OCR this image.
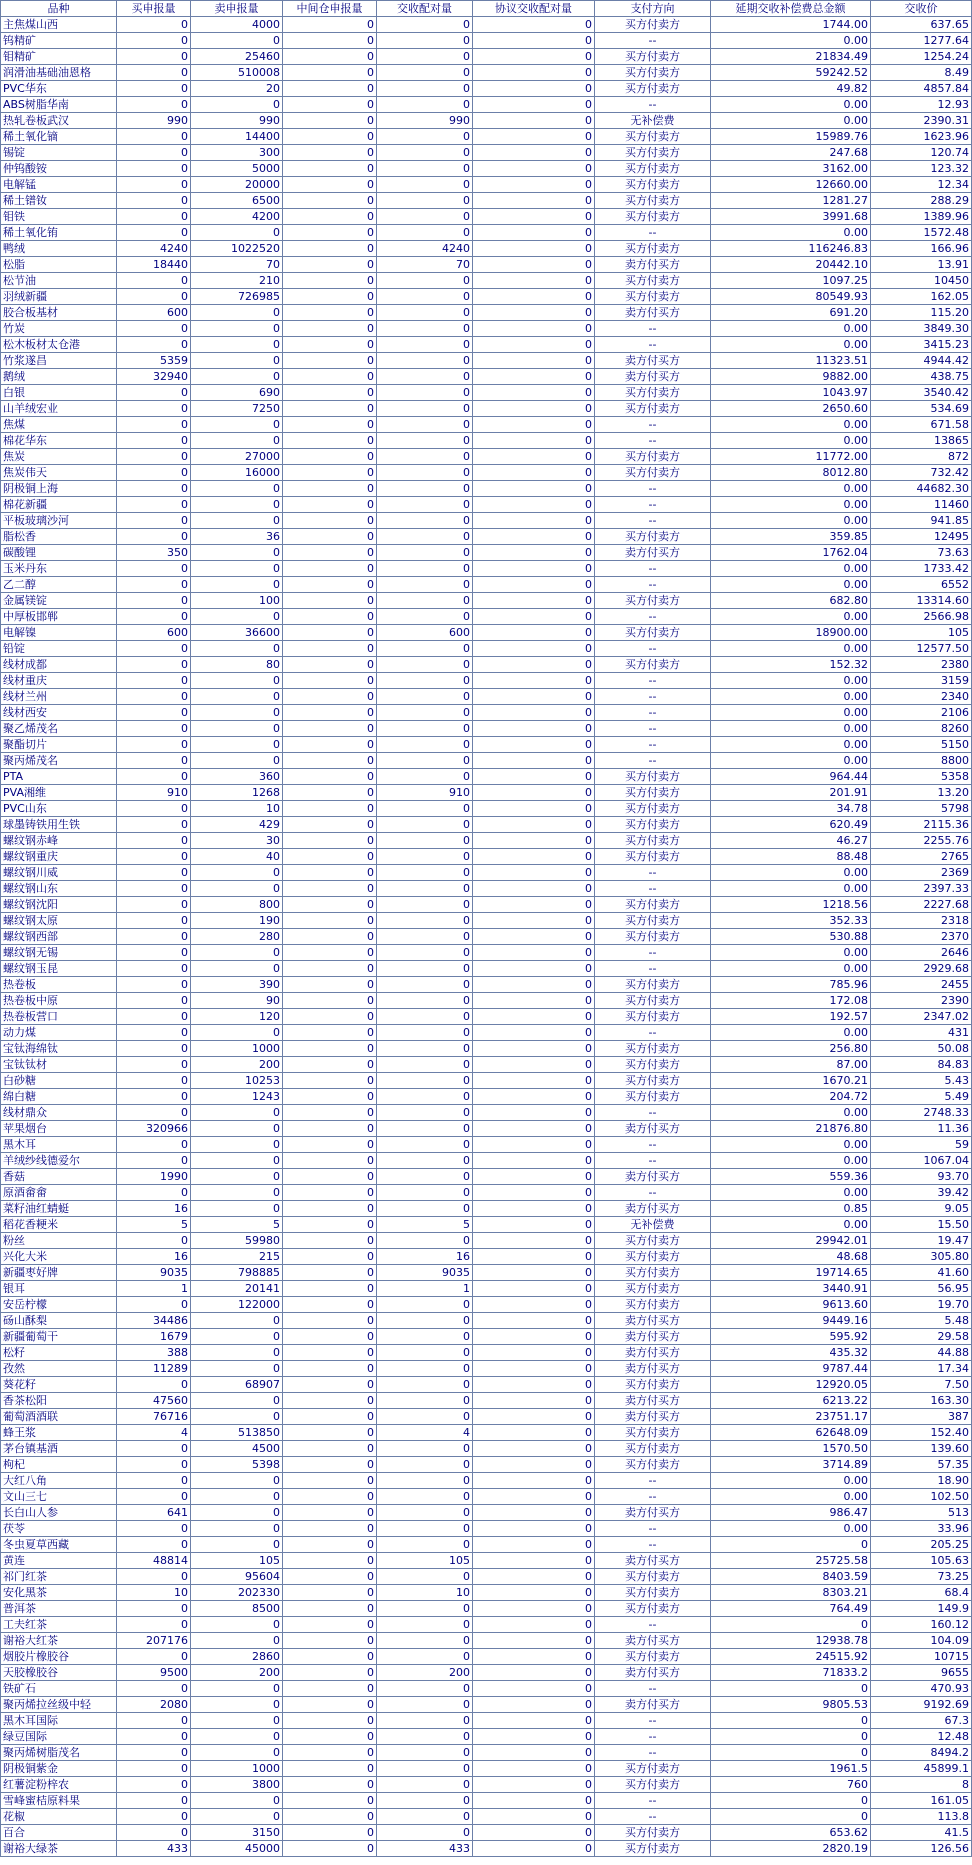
品种	买申报量	卖申报量	中间仓申报量	交收配对量	协议交收配对量	支付方向	延期交收补偿费总金额	交收价
主焦煤山西	0	4000	0	0	0	买方付卖方	1744.00	637.65
钨精矿	0	0	0	0	0	--	0.00	1277.64
钼精矿	0	25460	0	0	0	买方付卖方	21834.49	1254.24
润滑油基础油恩格	0	510008	0	0	0	买方付卖方	59242.52	8.49
PVC华东	0	20	0	0	0	买方付卖方	49.82	4857.84
ABS树脂华南	0	0	0	0	0	--	0.00	12.93
热轧卷板武汉	990	990	0	990	0	无补偿费	0.00	2390.31
稀土氧化镝	0	14400	0	0	0	买方付卖方	15989.76	1623.96
锡锭	0	300	0	0	0	买方付卖方	247.68	120.74
仲钨酸铵	0	5000	0	0	0	买方付卖方	3162.00	123.32
电解锰	0	20000	0	0	0	买方付卖方	12660.00	12.34
稀土镨钕	0	6500	0	0	0	买方付卖方	1281.27	288.29
钼铁	0	4200	0	0	0	买方付卖方	3991.68	1389.96
稀土氧化铕	0	0	0	0	0	--	0.00	1572.48
鸭绒	4240	1022520	0	4240	0	买方付卖方	116246.83	166.96
松脂	18440	70	0	70	0	卖方付买方	20442.10	13.91
松节油	0	210	0	0	0	买方付卖方	1097.25	10450
羽绒新疆	0	726985	0	0	0	买方付卖方	80549.93	162.05
胶合板基材	600	0	0	0	0	卖方付买方	691.20	115.20
竹炭	0	0	0	0	0	--	0.00	3849.30
松木板材太仓港	0	0	0	0	0	--	0.00	3415.23
竹浆遂昌	5359	0	0	0	0	卖方付买方	11323.51	4944.42
鹅绒	32940	0	0	0	0	卖方付买方	9882.00	438.75
白银	0	690	0	0	0	买方付卖方	1043.97	3540.42
山羊绒宏业	0	7250	0	0	0	买方付卖方	2650.60	534.69
焦煤	0	0	0	0	0	--	0.00	671.58
棉花华东	0	0	0	0	0	--	0.00	13865
焦炭	0	27000	0	0	0	买方付卖方	11772.00	872
焦炭伟天	0	16000	0	0	0	买方付卖方	8012.80	732.42
阴极铜上海	0	0	0	0	0	--	0.00	44682.30
棉花新疆	0	0	0	0	0	--	0.00	11460
平板玻璃沙河	0	0	0	0	0	--	0.00	941.85
脂松香	0	36	0	0	0	买方付卖方	359.85	12495
碳酸锂	350	0	0	0	0	卖方付买方	1762.04	73.63
玉米丹东	0	0	0	0	0	--	0.00	1733.42
乙二醇	0	0	0	0	0	--	0.00	6552
金属镁锭	0	100	0	0	0	买方付卖方	682.80	13314.60
中厚板邯郸	0	0	0	0	0	--	0.00	2566.98
电解镍	600	36600	0	600	0	买方付卖方	18900.00	105
铅锭	0	0	0	0	0	--	0.00	12577.50
线材成都	0	80	0	0	0	买方付卖方	152.32	2380
线材重庆	0	0	0	0	0	--	0.00	3159
线材兰州	0	0	0	0	0	--	0.00	2340
线材西安	0	0	0	0	0	--	0.00	2106
聚乙烯茂名	0	0	0	0	0	--	0.00	8260
聚酯切片	0	0	0	0	0	--	0.00	5150
聚丙烯茂名	0	0	0	0	0	--	0.00	8800
PTA	0	360	0	0	0	买方付卖方	964.44	5358
PVA湘维	910	1268	0	910	0	买方付卖方	201.91	13.20
PVC山东	0	10	0	0	0	买方付卖方	34.78	5798
球墨铸铁用生铁	0	429	0	0	0	买方付卖方	620.49	2115.36
螺纹钢赤峰	0	30	0	0	0	买方付卖方	46.27	2255.76
螺纹钢重庆	0	40	0	0	0	买方付卖方	88.48	2765
螺纹钢川威	0	0	0	0	0	--	0.00	2369
螺纹钢山东	0	0	0	0	0	--	0.00	2397.33
螺纹钢沈阳	0	800	0	0	0	买方付卖方	1218.56	2227.68
螺纹钢太原	0	190	0	0	0	买方付卖方	352.33	2318
螺纹钢西部	0	280	0	0	0	买方付卖方	530.88	2370
螺纹钢无锡	0	0	0	0	0	--	0.00	2646
螺纹钢玉昆	0	0	0	0	0	--	0.00	2929.68
热卷板	0	390	0	0	0	买方付卖方	785.96	2455
热卷板中原	0	90	0	0	0	买方付卖方	172.08	2390
热卷板营口	0	120	0	0	0	买方付卖方	192.57	2347.02
动力煤	0	0	0	0	0	--	0.00	431
宝钛海绵钛	0	1000	0	0	0	买方付卖方	256.80	50.08
宝钛钛材	0	200	0	0	0	买方付卖方	87.00	84.83
白砂糖	0	10253	0	0	0	买方付卖方	1670.21	5.43
绵白糖	0	1243	0	0	0	买方付卖方	204.72	5.49
线材鼎众	0	0	0	0	0	--	0.00	2748.33
苹果烟台	320966	0	0	0	0	卖方付买方	21876.80	11.36
黑木耳	0	0	0	0	0	--	0.00	59
羊绒纱线德爱尔	0	0	0	0	0	--	0.00	1067.04
香菇	1990	0	0	0	0	卖方付买方	559.36	93.70
原酒畲畲	0	0	0	0	0	--	0.00	39.42
菜籽油红蜻蜓	16	0	0	0	0	卖方付买方	0.85	9.05
稻花香粳米	5	5	0	5	0	无补偿费	0.00	15.50
粉丝	0	59980	0	0	0	买方付卖方	29942.01	19.47
兴化大米	16	215	0	16	0	买方付卖方	48.68	305.80
新疆枣好牌	9035	798885	0	9035	0	买方付卖方	19714.65	41.60
银耳	1	20141	0	1	0	买方付卖方	3440.91	56.95
安岳柠檬	0	122000	0	0	0	买方付卖方	9613.60	19.70
砀山酥梨	34486	0	0	0	0	卖方付买方	9449.16	5.48
新疆葡萄干	1679	0	0	0	0	卖方付买方	595.92	29.58
松籽	388	0	0	0	0	卖方付买方	435.32	44.88
孜然	11289	0	0	0	0	卖方付买方	9787.44	17.34
葵花籽	0	68907	0	0	0	买方付卖方	12920.05	7.50
香茶松阳	47560	0	0	0	0	卖方付买方	6213.22	163.30
葡萄酒酒联	76716	0	0	0	0	卖方付买方	23751.17	387
蜂王浆	4	513850	0	4	0	买方付卖方	62648.09	152.40
茅台镇基酒	0	4500	0	0	0	买方付卖方	1570.50	139.60
枸杞	0	5398	0	0	0	买方付卖方	3714.89	57.35
大红八角	0	0	0	0	0	--	0.00	18.90
文山三七	0	0	0	0	0	--	0.00	102.50
长白山人参	641	0	0	0	0	卖方付买方	986.47	513
茯苓	0	0	0	0	0	--	0.00	33.96
冬虫夏草西藏	0	0	0	0	0	--	0	205.25
黄连	48814	105	0	105	0	卖方付买方	25725.58	105.63
祁门红茶	0	95604	0	0	0	买方付卖方	8403.59	73.25
安化黑茶	10	202330	0	10	0	买方付卖方	8303.21	68.4
普洱茶	0	8500	0	0	0	买方付卖方	764.49	149.9
工夫红茶	0	0	0	0	0	--	0	160.12
谢裕大红茶	207176	0	0	0	0	卖方付买方	12938.78	104.09
烟胶片橡胶谷	0	2860	0	0	0	买方付卖方	24515.92	10715
天胶橡胶谷	9500	200	0	200	0	卖方付买方	71833.2	9655
铁矿石	0	0	0	0	0	--	0	470.93
聚丙烯拉丝级中轻	2080	0	0	0	0	卖方付买方	9805.53	9192.69
黑木耳国际	0	0	0	0	0	--	0	67.3
绿豆国际	0	0	0	0	0	--	0	12.48
聚丙烯树脂茂名	0	0	0	0	0	--	0	8494.2
阴极铜紫金	0	1000	0	0	0	买方付卖方	1961.5	45899.1
红薯淀粉梓农	0	3800	0	0	0	买方付卖方	760	8
雪峰蜜桔原料果	0	0	0	0	0	--	0	161.05
花椒	0	0	0	0	0	--	0	113.8
百合	0	3150	0	0	0	买方付卖方	653.62	41.5
谢裕大绿茶	433	45000	0	433	0	买方付卖方	2820.19	126.56
